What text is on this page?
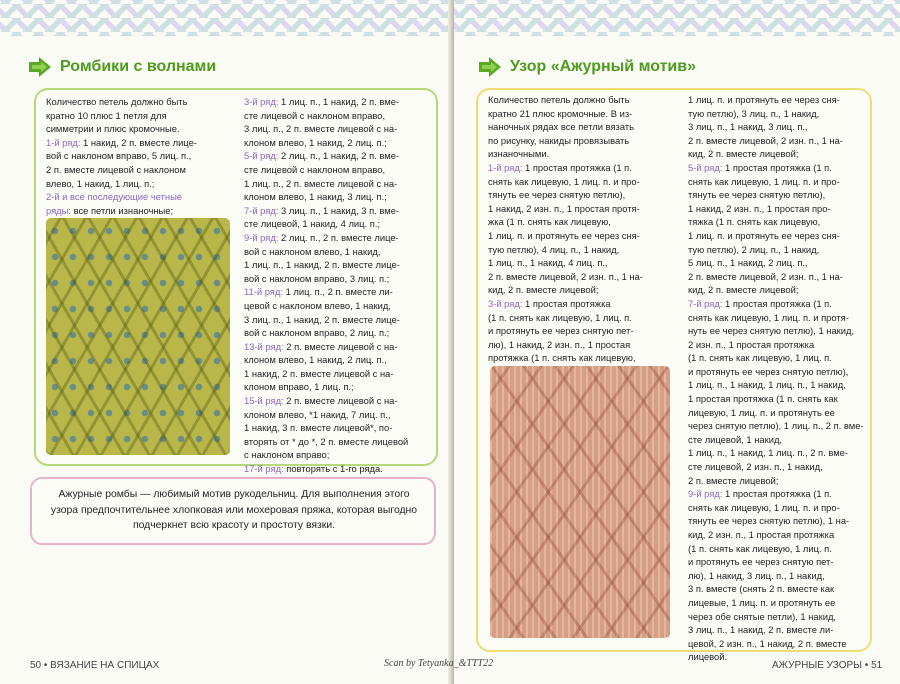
Ромбики с волнами
Количество петель должно быть
кратно 10 плюс 1 петля для
симметрии и плюс кромочные.
1-й ряд: 1 накид, 2 п. вместе лице-
вой с наклоном вправо, 5 лиц. п.,
2 п. вместе лицевой с наклоном
влево, 1 накид, 1 лиц. п.;
2-й и все последующие четные
ряды: все петли изнаночные;
3-й ряд: 1 лиц. п., 1 накид, 2 п. вме-
сте лицевой с наклоном вправо,
3 лиц. п., 2 п. вместе лицевой с на-
клоном влево, 1 накид, 2 лиц. п.;
5-й ряд: 2 лиц. п., 1 накид, 2 п. вме-
сте лицевой с наклоном вправо,
1 лиц. п., 2 п. вместе лицевой с на-
клоном влево, 1 накид, 3 лиц. п.;
7-й ряд: 3 лиц. п., 1 накид, 3 п. вме-
сте лицевой, 1 накид, 4 лиц. п.;
9-й ряд: 2 лиц. п., 2 п. вместе лице-
вой с наклоном влево, 1 накид,
1 лиц. п., 1 накид, 2 п. вместе лице-
вой с наклоном вправо, 3 лиц. п.;
11-й ряд: 1 лиц. п., 2 п. вместе ли-
цевой с наклоном влево, 1 накид,
3 лиц. п., 1 накид, 2 п. вместе лице-
вой с наклоном вправо, 2 лиц. п.;
13-й ряд: 2 п. вместе лицевой с на-
клоном влево, 1 накид, 2 лиц. п.,
1 накид, 2 п. вместе лицевой с на-
клоном вправо, 1 лиц. п.;
15-й ряд: 2 п. вместе лицевой с на-
клоном влево, *1 накид, 7 лиц. п.,
1 накид, 3 п. вместе лицевой*, по-
вторять от * до *, 2 п. вместе лицевой
с наклоном вправо;
17-й ряд: повторять с 1-го ряда.
Ажурные ромбы — любимый мотив рукодельниц. Для выполнения этого узора предпочтительнее хлопковая или мохеровая пряжа, которая выгодно подчеркнет всю красоту и простоту вязки.
50 • ВЯЗАНИЕ НА СПИЦАХ
Узор «Ажурный мотив»
Количество петель должно быть
кратно 21 плюс кромочные. В из-
наночных рядах все петли вязать
по рисунку, накиды провязывать
изнаночными.
1-й ряд: 1 простая протяжка (1 п.
снять как лицевую, 1 лиц. п. и про-
тянуть ее через снятую петлю),
1 накид, 2 изн. п., 1 простая протя-
жка (1 п. снять как лицевую,
1 лиц. п. и протянуть ее через сня-
тую петлю), 4 лиц. п., 1 накид,
1 лиц. п., 1 накид, 4 лиц. п.,
2 п. вместе лицевой, 2 изн. п., 1 на-
кид, 2 п. вместе лицевой;
3-й ряд: 1 простая протяжка
(1 п. снять как лицевую, 1 лиц. п.
и протянуть ее через снятую пет-
лю), 1 накид, 2 изн. п., 1 простая
протяжка (1 п. снять как лицевую,
1 лиц. п. и протянуть ее через сня-
тую петлю), 3 лиц. п., 1 накид,
3 лиц. п., 1 накид, 3 лиц. п.,
2 п. вместе лицевой, 2 изн. п., 1 на-
кид, 2 п. вместе лицевой;
5-й ряд: 1 простая протяжка (1 п.
снять как лицевую, 1 лиц. п. и про-
тянуть ее через снятую петлю),
1 накид, 2 изн. п., 1 простая про-
тяжка (1 п. снять как лицевую,
1 лиц. п. и протянуть ее через сня-
тую петлю), 2 лиц. п., 1 накид,
5 лиц. п., 1 накид, 2 лиц. п.,
2 п. вместе лицевой, 2 изн. п., 1 на-
кид, 2 п. вместе лицевой;
7-й ряд: 1 простая протяжка (1 п.
снять как лицевую, 1 лиц. п. и протя-
нуть ее через снятую петлю), 1 накид,
2 изн. п., 1 простая протяжка
(1 п. снять как лицевую, 1 лиц. п.
и протянуть ее через снятую петлю),
1 лиц. п., 1 накид, 1 лиц. п., 1 накид,
1 простая протяжка (1 п. снять как
лицевую, 1 лиц. п. и протянуть ее
через снятую петлю), 1 лиц. п., 2 п. вме-
сте лицевой, 1 накид,
1 лиц. п., 1 накид, 1 лиц. п., 2 п. вме-
сте лицевой, 2 изн. п., 1 накид,
2 п. вместе лицевой;
9-й ряд: 1 простая протяжка (1 п.
снять как лицевую, 1 лиц. п. и про-
тянуть ее через снятую петлю), 1 на-
кид, 2 изн. п., 1 простая протяжка
(1 п. снять как лицевую, 1 лиц. п.
и протянуть ее через снятую пет-
лю), 1 накид, 3 лиц. п., 1 накид,
3 п. вместе (снять 2 п. вместе как
лицевые, 1 лиц. п. и протянуть ее
через обе снятые петли), 1 накид,
3 лиц. п., 1 накид, 2 п. вместе ли-
цевой, 2 изн. п., 1 накид, 2 п. вместе
лицевой.
Scan by Tetyanka_&TTT22	АЖУРНЫЕ УЗОРЫ • 51
